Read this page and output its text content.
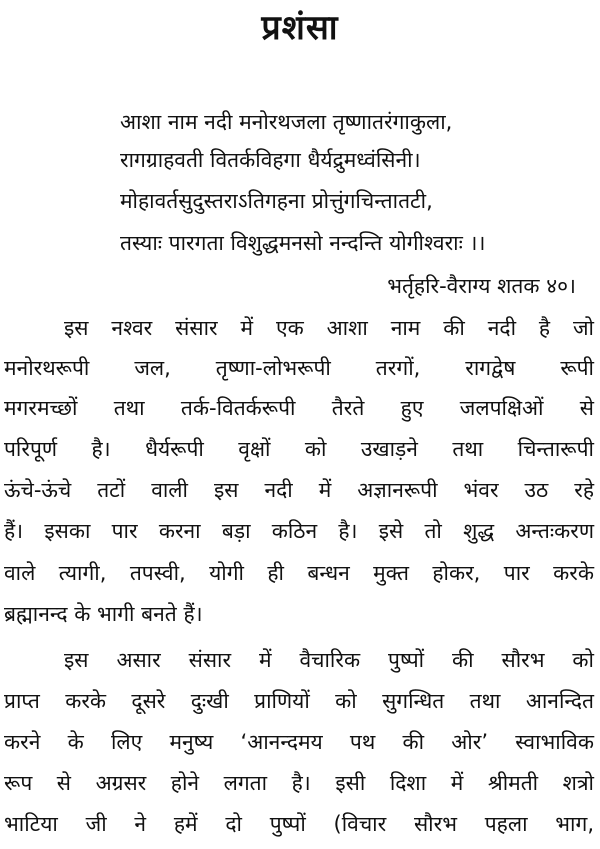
प्रशंसा
आशा नाम नदी मनोरथजला तृष्णातरंगाकुला,
रागग्राहवती वितर्कविहगा धैर्यद्रुमध्वंसिनी।
मोहावर्तसुदुस्तराऽतिगहना प्रोत्तुंगचिन्तातटी,
तस्याः पारगता विशुद्धमनसो नन्दन्ति योगीश्वराः ।।
भर्तृहरि-वैराग्य शतक ४०।
इस नश्वर संसार में एक आशा नाम की नदी है जो
मनोरथरूपी जल, तृष्णा-लोभरूपी तरगों, रागद्वेष रूपी
मगरमच्छों तथा तर्क-वितर्करूपी तैरते हुए जलपक्षिओं से
परिपूर्ण है। धैर्यरूपी वृक्षों को उखाड़ने तथा चिन्तारूपी
ऊंचे-ऊंचे तटों वाली इस नदी में अज्ञानरूपी भंवर उठ रहे
हैं। इसका पार करना बड़ा कठिन है। इसे तो शुद्ध अन्तःकरण
वाले त्यागी, तपस्वी, योगी ही बन्धन मुक्त होकर, पार करके
ब्रह्मानन्द के भागी बनते हैं।
इस असार संसार में वैचारिक पुष्पों की सौरभ को
प्राप्त करके दूसरे दुःखी प्राणियों को सुगन्धित तथा आनन्दित
करने के लिए मनुष्य ‘आनन्दमय पथ की ओर’ स्वाभाविक
रूप से अग्रसर होने लगता है। इसी दिशा में श्रीमती शत्रो
भाटिया जी ने हमें दो पुष्पों (विचार सौरभ पहला भाग,
